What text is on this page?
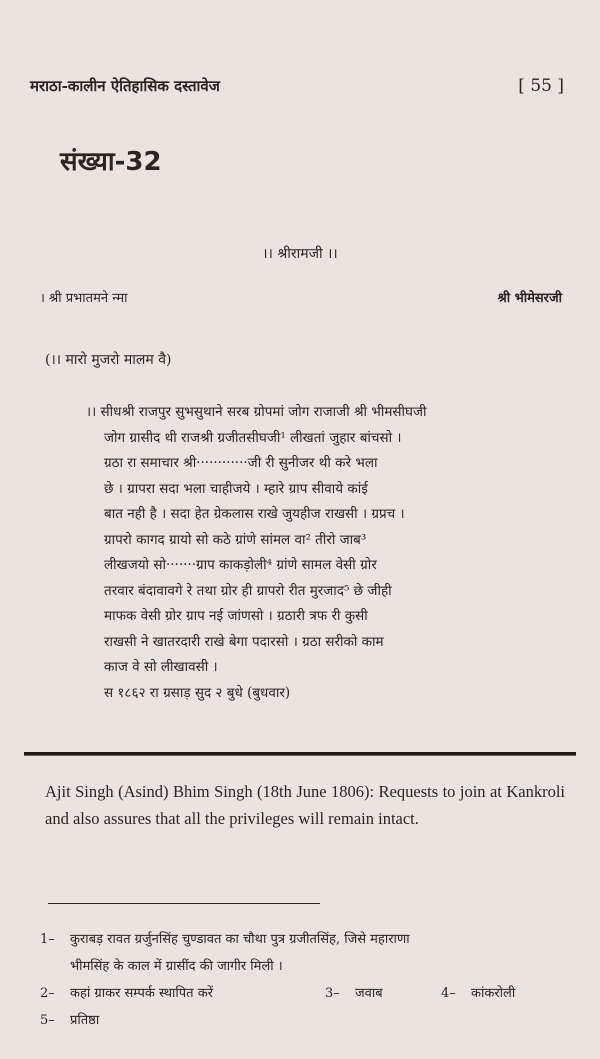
मराठा-कालीन ऐतिहासिक दस्तावेज	[ 55 ]
संख्या-32
।। श्रीरामजी ।।
। श्री प्रभातमने न्मा	श्री भीमेसरजी
(।। मारो मुजरो मालम वै)
।। सीधश्री राजपुर सुभसुथाने सरब ग्रोपमां जोग राजाजी श्री भीमसीघजी
जोग ग्रासीद थी राजश्री ग्रजीतसीघजी¹ लीखतां जुहार बांचसो ।
ग्रठा रा समाचार श्री············जी री सुनीजर थी करे भला
छे । ग्रापरा सदा भला चाहीजये । म्हारे ग्राप सीवाये कांई
बात नही है । सदा हेत ग्रेकलास राखे जुयहीज राखसी । ग्रप्रच ।
ग्रापरो कागद ग्रायो सो कठे ग्रांणे सांमल वा² तीरो जाब³
लीखजयो सो·······ग्राप काकड़ोली⁴ ग्रांणे सामल वेसी ग्रोर
तरवार बंदावावगे रे तथा ग्रोर ही ग्रापरो रीत मुरजाद⁵ छे जीही
माफक वेसी ग्रोर ग्राप नई जांणसो । ग्रठारी त्रफ री कुसी
राखसी ने खातरदारी राखे बेगा पदारसो । ग्रठा सरीको काम
काज वे सो लीखावसी ।
स १८६२ रा ग्रसाड़ सुद २ बुधे (बुधवार)
Ajit Singh (Asind) Bhim Singh (18th June 1806): Requests to join at Kankroli and also assures that all the privileges will remain intact.
1–	कुराबड़ रावत ग्रर्जुनसिंह चुण्डावत का चौथा पुत्र ग्रजीतसिंह, जिसे महाराणा
भीमसिंह के काल में ग्रासींद की जागीर मिली ।
2–	कहां ग्राकर सम्पर्क स्थापित करें	3–	जवाब	4–	कांकरोली
5–	प्रतिष्ठा
